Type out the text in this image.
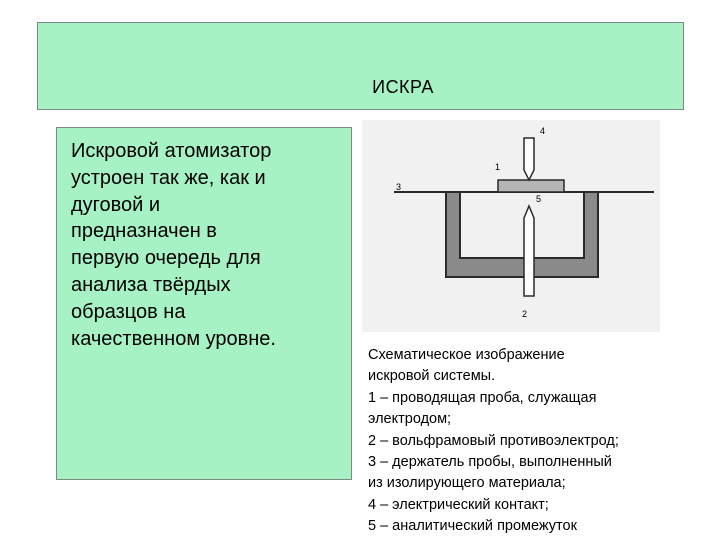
ИСКРА
Искровой атомизатор
устроен так же, как и
дуговой и
предназначен в
первую очередь для
анализа твёрдых
образцов на
качественном уровне.
4
1
3
5
2
Схематическое изображение
искровой системы.
1 – проводящая проба, служащая
электродом;
2 – вольфрамовый противоэлектрод;
3 – держатель пробы, выполненный
из изолирующего материала;
4 – электрический контакт;
5 – аналитический промежуток
